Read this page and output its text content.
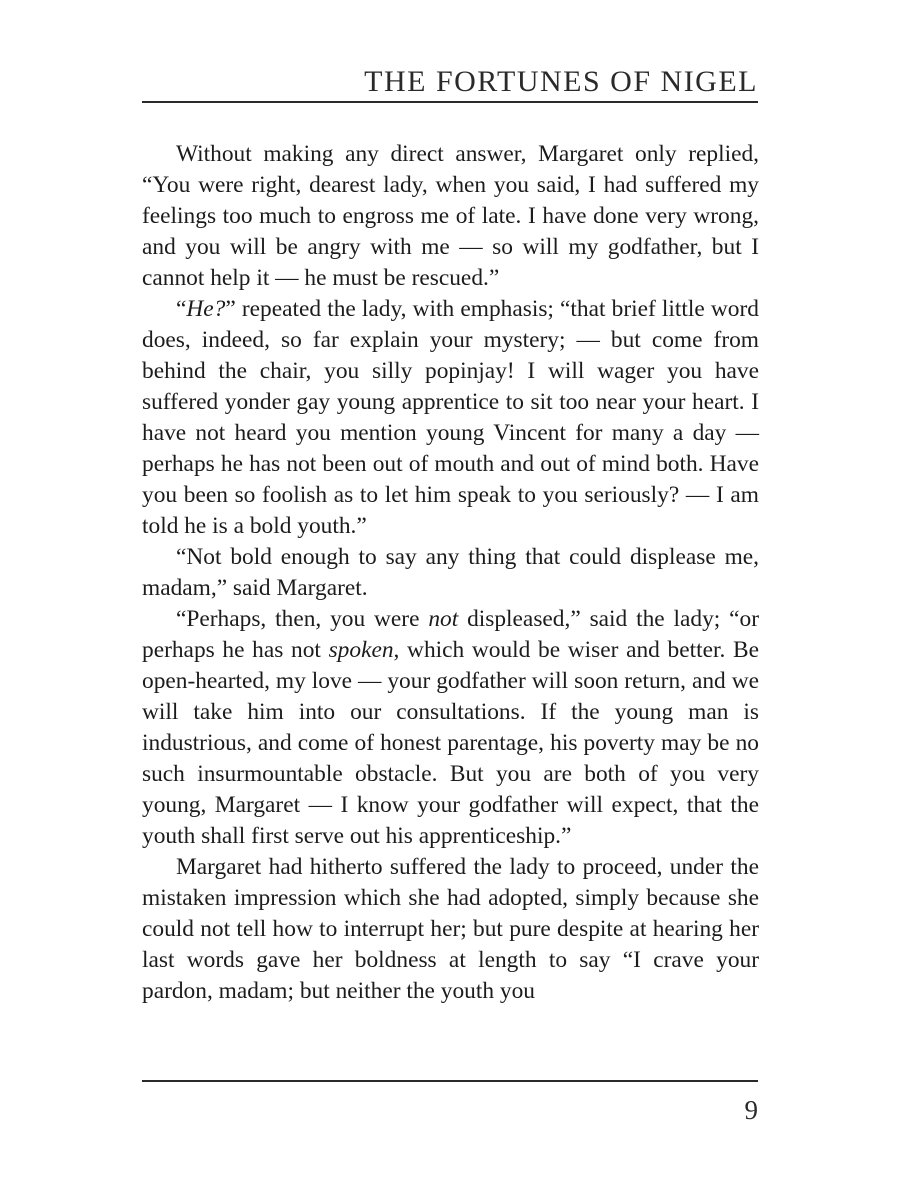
THE FORTUNES OF NIGEL

Without making any direct answer, Margaret only replied, “You were right, dearest lady, when you said, I had suffered my feelings too much to engross me of late. I have done very wrong, and you will be angry with me — so will my godfather, but I cannot help it — he must be rescued.”

“He?” repeated the lady, with emphasis; “that brief little word does, indeed, so far explain your mystery; — but come from behind the chair, you silly popinjay! I will wager you have suffered yonder gay young apprentice to sit too near your heart. I have not heard you mention young Vincent for many a day — perhaps he has not been out of mouth and out of mind both. Have you been so foolish as to let him speak to you seriously? — I am told he is a bold youth.”

“Not bold enough to say any thing that could displease me, madam,” said Margaret.

“Perhaps, then, you were not displeased,” said the lady; “or perhaps he has not spoken, which would be wiser and better. Be open-hearted, my love — your godfather will soon return, and we will take him into our consultations. If the young man is industrious, and come of honest parentage, his poverty may be no such insurmountable obstacle. But you are both of you very young, Margaret — I know your godfather will expect, that the youth shall first serve out his apprenticeship.”

Margaret had hitherto suffered the lady to proceed, under the mistaken impression which she had adopted, simply because she could not tell how to interrupt her; but pure despite at hearing her last words gave her boldness at length to say “I crave your pardon, madam; but neither the youth you

9
